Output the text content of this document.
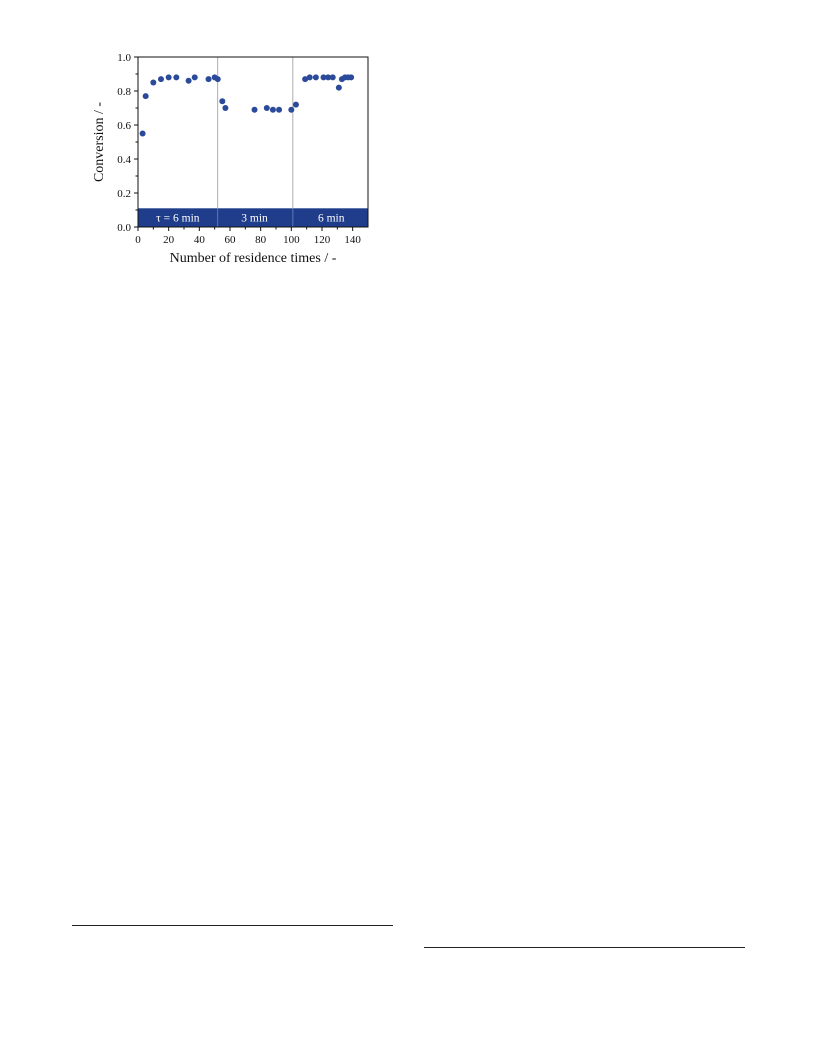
0 20 40 60 80 100 120 140
0.0
0.2
0.4
0.6
0.8
1.0
τ = 6 min	3 min	6 min
Number of residence times / -
Conversion / -
